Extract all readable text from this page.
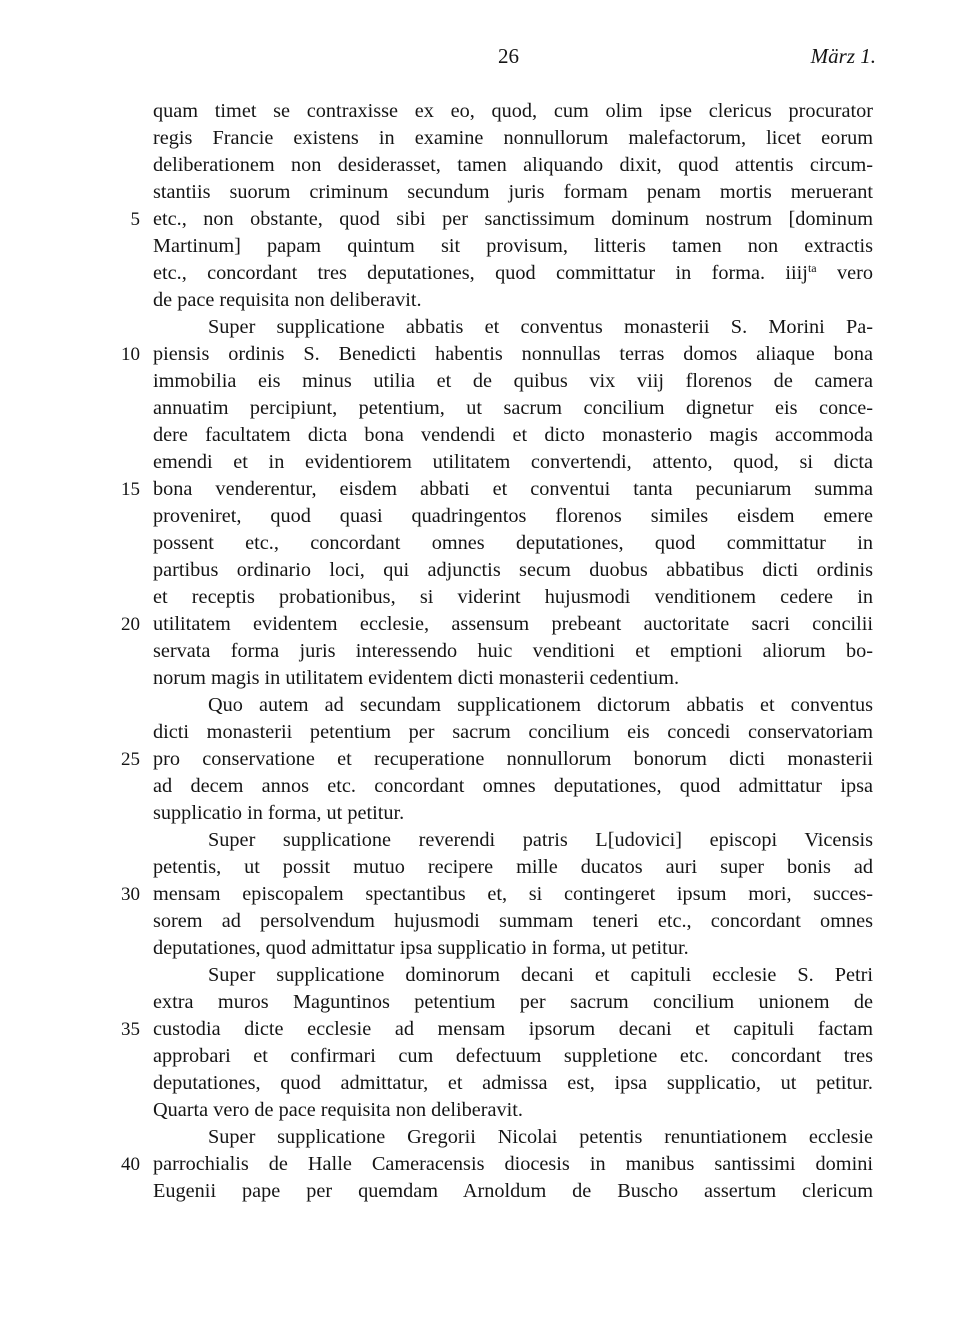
26	März 1.
quam timet se contraxisse ex eo, quod, cum olim ipse clericus procurator
regis Francie existens in examine nonnullorum malefactorum, licet eorum
deliberationem non desiderasset, tamen aliquando dixit, quod attentis circum-
stantiis suorum criminum secundum juris formam penam mortis meruerant
5 etc., non obstante, quod sibi per sanctissimum dominum nostrum [dominum
Martinum] papam quintum sit provisum, litteris tamen non extractis
etc., concordant tres deputationes, quod committatur in forma. iiij$^{ta}$ vero
de pace requisita non deliberavit.
Super supplicatione abbatis et conventus monasterii S. Morini Pa-
10 piensis ordinis S. Benedicti habentis nonnullas terras domos aliaque bona
immobilia eis minus utilia et de quibus vix viij florenos de camera
annuatim percipiunt, petentium, ut sacrum concilium dignetur eis conce-
dere facultatem dicta bona vendendi et dicto monasterio magis accommoda
emendi et in evidentiorem utilitatem convertendi, attento, quod, si dicta
15 bona venderentur, eisdem abbati et conventui tanta pecuniarum summa
proveniret, quod quasi quadringentos florenos similes eisdem emere
possent etc., concordant omnes deputationes, quod committatur in
partibus ordinario loci, qui adjunctis secum duobus abbatibus dicti ordinis
et receptis probationibus, si viderint hujusmodi venditionem cedere in
20 utilitatem evidentem ecclesie, assensum prebeant auctoritate sacri concilii
servata forma juris interessendo huic venditioni et emptioni aliorum bo-
norum magis in utilitatem evidentem dicti monasterii cedentium.
Quo autem ad secundam supplicationem dictorum abbatis et conventus
dicti monasterii petentium per sacrum concilium eis concedi conservatoriam
25 pro conservatione et recuperatione nonnullorum bonorum dicti monasterii
ad decem annos etc. concordant omnes deputationes, quod admittatur ipsa
supplicatio in forma, ut petitur.
Super supplicatione reverendi patris L[udovici] episcopi Vicensis
petentis, ut possit mutuo recipere mille ducatos auri super bonis ad
30 mensam episcopalem spectantibus et, si contingeret ipsum mori, succes-
sorem ad persolvendum hujusmodi summam teneri etc., concordant omnes
deputationes, quod admittatur ipsa supplicatio in forma, ut petitur.
Super supplicatione dominorum decani et capituli ecclesie S. Petri
extra muros Maguntinos petentium per sacrum concilium unionem de
35 custodia dicte ecclesie ad mensam ipsorum decani et capituli factam
approbari et confirmari cum defectuum suppletione etc. concordant tres
deputationes, quod admittatur, et admissa est, ipsa supplicatio, ut petitur.
Quarta vero de pace requisita non deliberavit.
Super supplicatione Gregorii Nicolai petentis renuntiationem ecclesie
40 parrochialis de Halle Cameracensis diocesis in manibus santissimi domini
Eugenii pape per quemdam Arnoldum de Buscho assertum clericum
